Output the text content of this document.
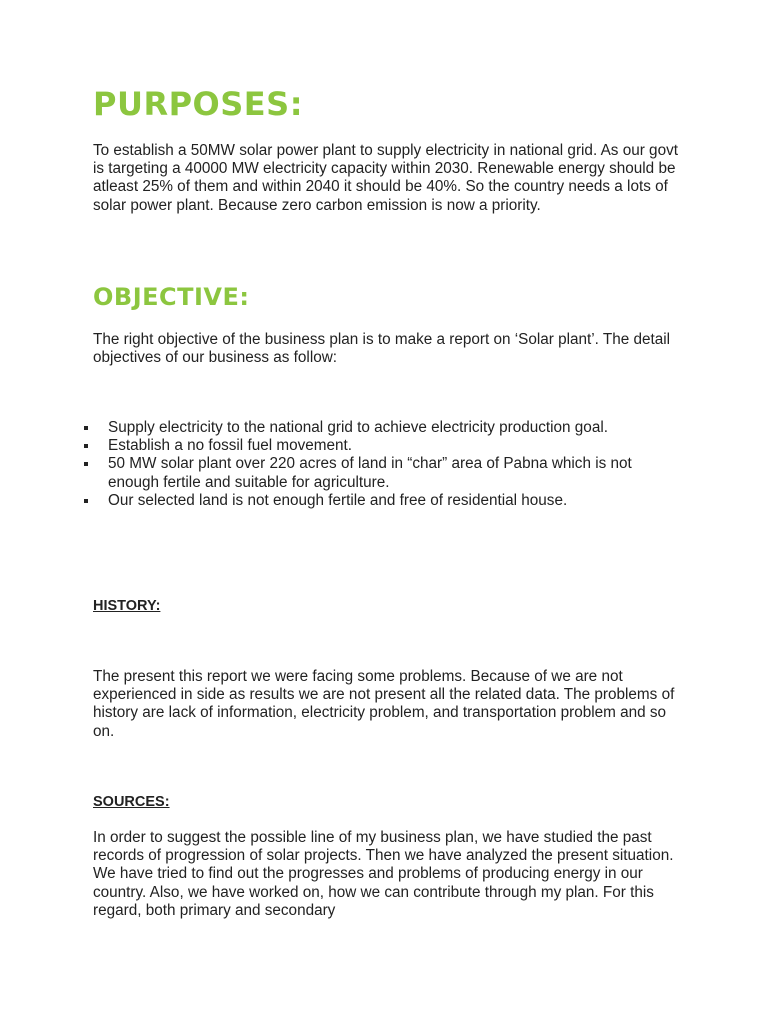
PURPOSES:

To establish a 50MW solar power plant to supply electricity in national grid. As our govt is targeting a 40000 MW electricity capacity within 2030. Renewable energy should be atleast 25% of them and within 2040 it should be 40%. So the country needs a lots of solar power plant. Because zero carbon emission is now a priority.

OBJECTIVE:

The right objective of the business plan is to make a report on ‘Solar plant’. The detail objectives of our business as follow:

Supply electricity to the national grid to achieve electricity production goal.
Establish a no fossil fuel movement.
50 MW solar plant over 220 acres of land in “char” area of Pabna which is not enough fertile and suitable for agriculture.
Our selected land is not enough fertile and free of residential house.
HISTORY:

The present this report we were facing some problems. Because of we are not experienced in side as results we are not present all the related data. The problems of history are lack of information, electricity problem, and transportation problem and so on.

SOURCES:

In order to suggest the possible line of my business plan, we have studied the past records of progression of solar projects. Then we have analyzed the present situation. We have tried to find out the progresses and problems of producing energy in our country. Also, we have worked on, how we can contribute through my plan. For this regard, both primary and secondary
